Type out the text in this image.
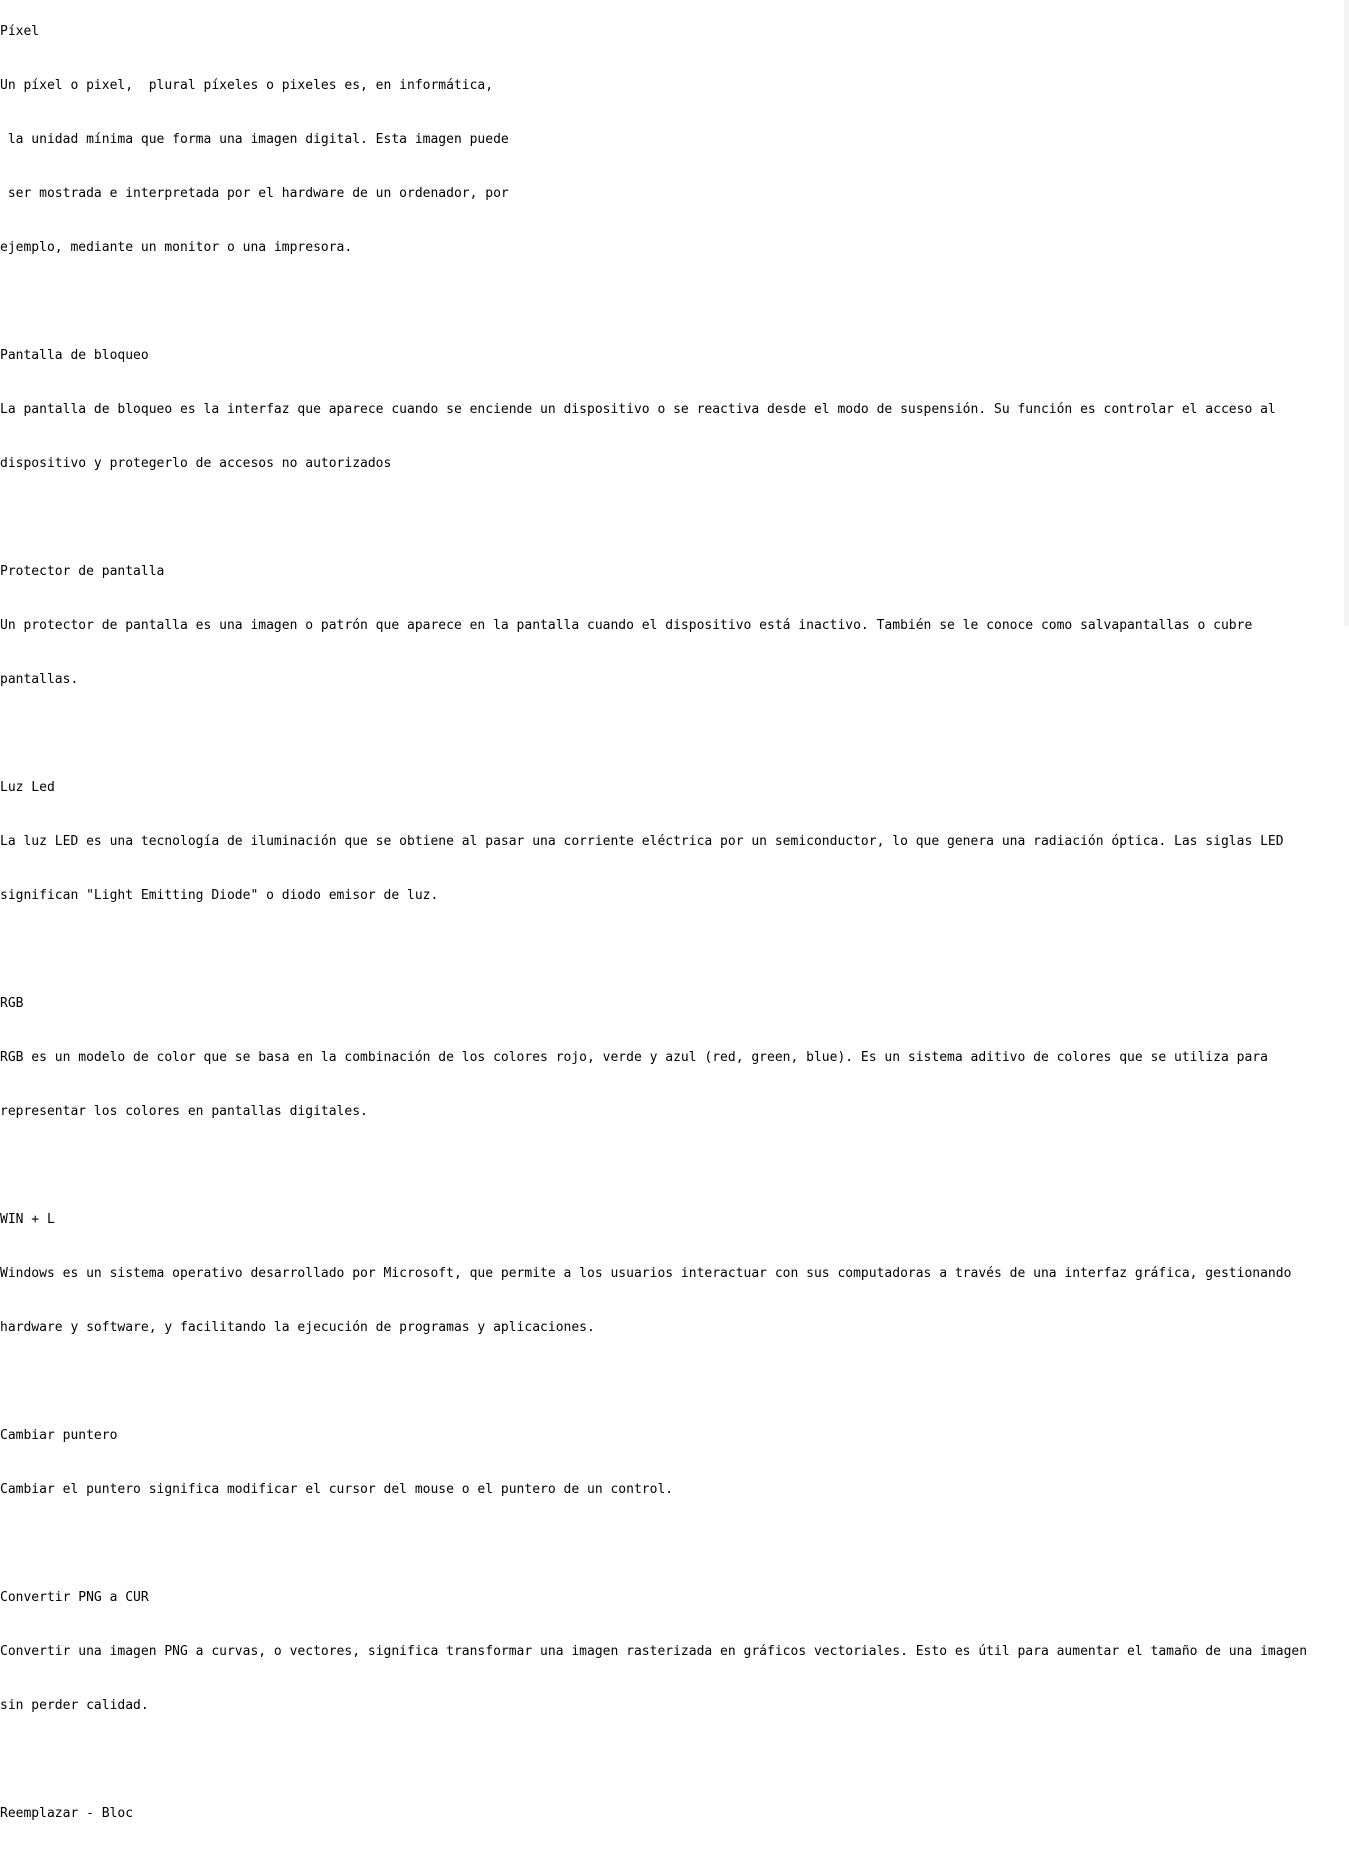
Píxel

Un píxel o pixel,  plural píxeles o pixeles es, en informática,

la unidad mínima que forma una imagen digital. Esta imagen puede

ser mostrada e interpretada por el hardware de un ordenador, por

ejemplo, mediante un monitor o una impresora.

Pantalla de bloqueo

La pantalla de bloqueo es la interfaz que aparece cuando se enciende un dispositivo o se reactiva desde el modo de suspensión. Su función es controlar el acceso al

dispositivo y protegerlo de accesos no autorizados

Protector de pantalla

Un protector de pantalla es una imagen o patrón que aparece en la pantalla cuando el dispositivo está inactivo. También se le conoce como salvapantallas o cubre

pantallas.

Luz Led

La luz LED es una tecnología de iluminación que se obtiene al pasar una corriente eléctrica por un semiconductor, lo que genera una radiación óptica. Las siglas LED

significan "Light Emitting Diode" o diodo emisor de luz.

RGB

RGB es un modelo de color que se basa en la combinación de los colores rojo, verde y azul (red, green, blue). Es un sistema aditivo de colores que se utiliza para

representar los colores en pantallas digitales.

WIN + L

Windows es un sistema operativo desarrollado por Microsoft, que permite a los usuarios interactuar con sus computadoras a través de una interfaz gráfica, gestionando

hardware y software, y facilitando la ejecución de programas y aplicaciones.

Cambiar puntero

Cambiar el puntero significa modificar el cursor del mouse o el puntero de un control.

Convertir PNG a CUR

Convertir una imagen PNG a curvas, o vectores, significa transformar una imagen rasterizada en gráficos vectoriales. Esto es útil para aumentar el tamaño de una imagen

sin perder calidad.

Reemplazar - Bloc
